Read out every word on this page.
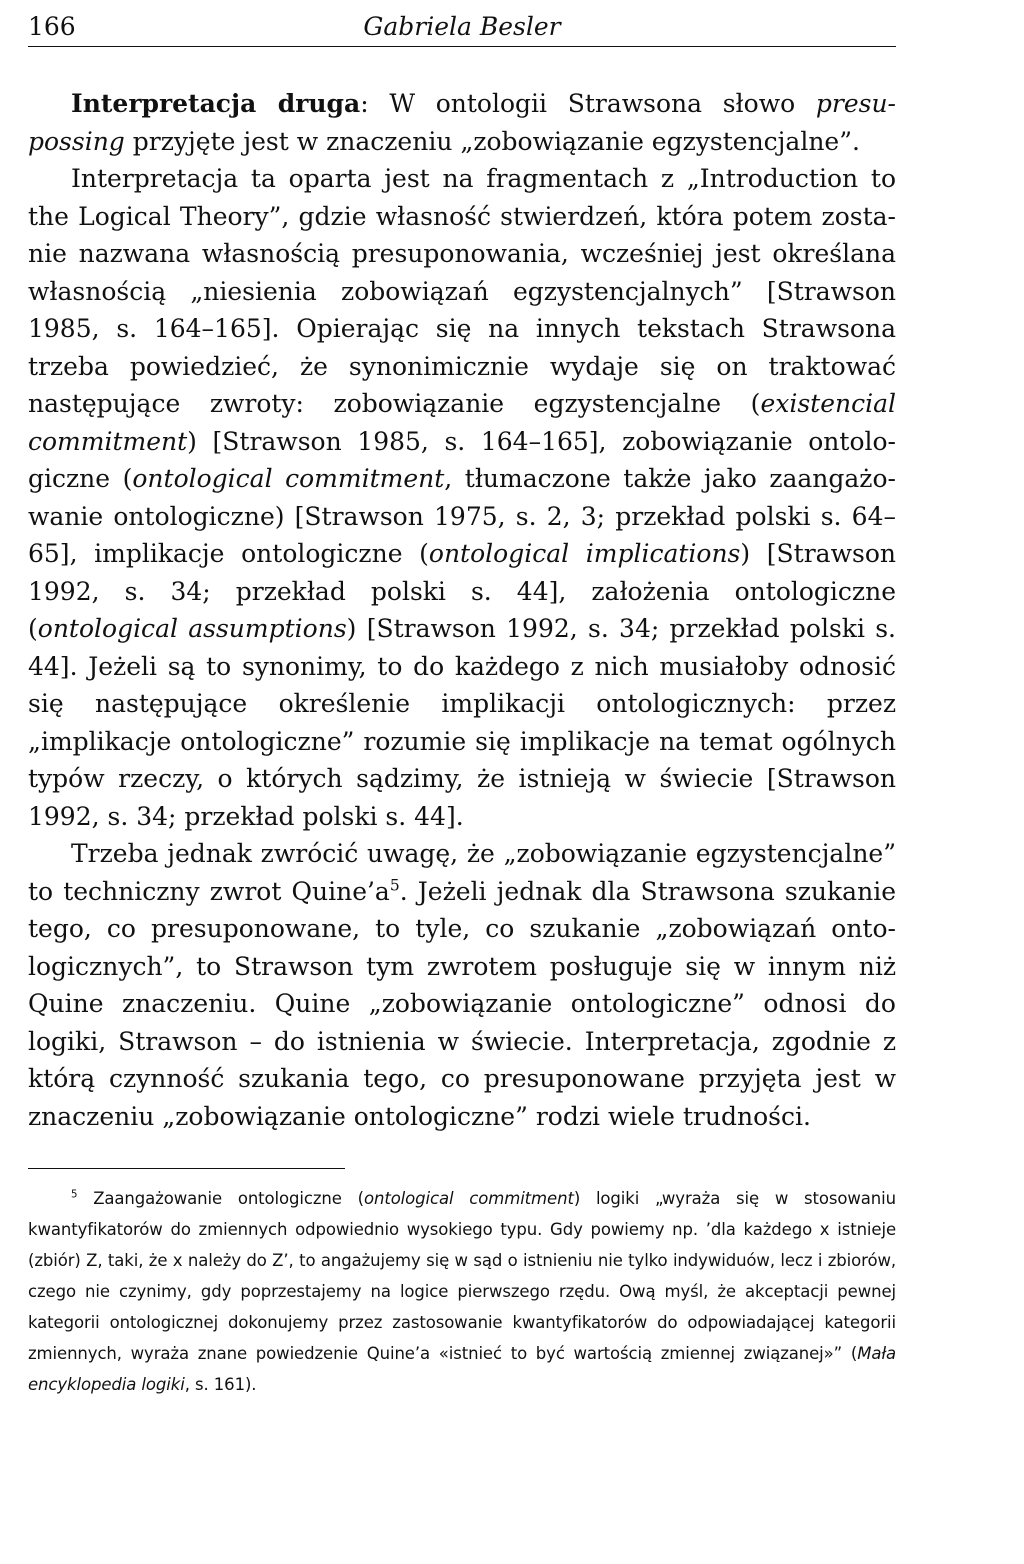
166	Gabriela Besler

Interpretacja druga: W ontologii Strawsona słowo presupossing przyjęte jest w znaczeniu „zobowiązanie egzystencjalne”.

Interpretacja ta oparta jest na fragmentach z „Introduction to the Logical Theory”, gdzie własność stwierdzeń, która potem zostanie nazwana własnością presuponowania, wcześniej jest określana własnością „niesienia zobowiązań egzystencjalnych” [Strawson 1985, s. 164–165]. Opierając się na innych tekstach Strawsona trzeba powiedzieć, że synonimicznie wydaje się on traktować następujące zwroty: zobowiązanie egzystencjalne (existencial commitment) [Strawson 1985, s. 164–165], zobowiązanie ontologiczne (ontological commitment, tłumaczone także jako zaangażowanie ontologiczne) [Strawson 1975, s. 2, 3; przekład polski s. 64–65], implikacje ontologiczne (ontological implications) [Strawson 1992, s. 34; przekład polski s. 44], założenia ontologiczne (ontological assumptions) [Strawson 1992, s. 34; przekład polski s. 44]. Jeżeli są to synonimy, to do każdego z nich musiałoby odnosić się następujące określenie implikacji ontologicznych: przez „implikacje ontologiczne” rozumie się implikacje na temat ogólnych typów rzeczy, o których sądzimy, że istnieją w świecie [Strawson 1992, s. 34; przekład polski s. 44].

Trzeba jednak zwrócić uwagę, że „zobowiązanie egzystencjalne” to techniczny zwrot $Quine’a^5$. Jeżeli jednak dla Strawsona szukanie tego, co presuponowane, to tyle, co szukanie „zobowiązań ontologicznych”, to Strawson tym zwrotem posługuje się w innym niż Quine znaczeniu. Quine „zobowiązanie ontologiczne” odnosi do logiki, Strawson – do istnienia w świecie. Interpretacja, zgodnie z którą czynność szukania tego, co presuponowane przyjęta jest w znaczeniu „zobowiązanie ontologiczne” rodzi wiele trudności.

$^5$ Zaangażowanie ontologiczne (ontological commitment) logiki „wyraża się w stosowaniu kwantyfikatorów do zmiennych odpowiednio wysokiego typu. Gdy powiemy np. ’dla każdego x istnieje (zbiór) Z, taki, że x należy do Z’, to angażujemy się w sąd o istnieniu nie tylko indywiduów, lecz i zbiorów, czego nie czynimy, gdy poprzestajemy na logice pierwszego rzędu. Ową myśl, że akceptacji pewnej kategorii ontologicznej dokonujemy przez zastosowanie kwantyfikatorów do odpowiadającej kategorii zmiennych, wyraża znane powiedzenie Quine’a «istnieć to być wartością zmiennej związanej»” (Mała encyklopedia logiki, s. 161).
